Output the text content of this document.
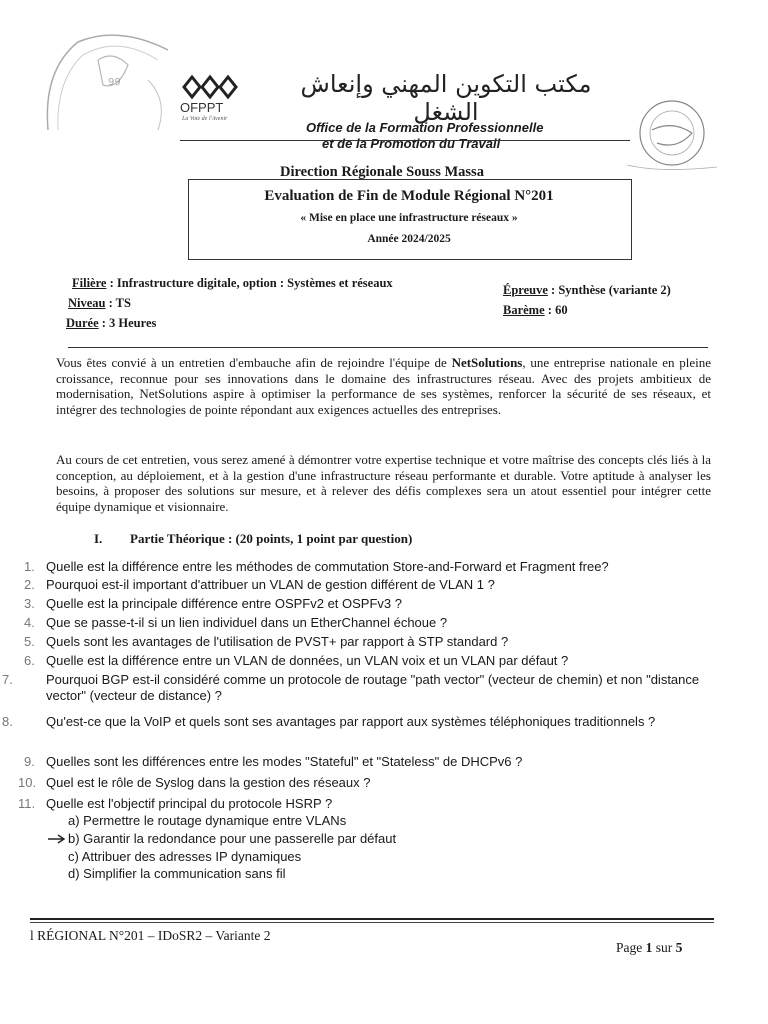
99
OFPPT
La Voie de l'Avenir
مكتب التكوين المهني وإنعاش الشغل
Office de la Formation Professionnelle
et de la Promotion du Travail
Direction Régionale Souss Massa
Evaluation de Fin de Module Régional N°201
« Mise en place une infrastructure réseaux »
Année 2024/2025
Filière : Infrastructure digitale, option : Systèmes et réseaux
Niveau : TS
Durée : 3 Heures
Épreuve : Synthèse (variante 2)
Barème : 60
Vous êtes convié à un entretien d'embauche afin de rejoindre l'équipe de NetSolutions, une entreprise nationale en pleine croissance, reconnue pour ses innovations dans le domaine des infrastructures réseau. Avec des projets ambitieux de modernisation, NetSolutions aspire à optimiser la performance de ses systèmes, renforcer la sécurité de ses réseaux, et intégrer des technologies de pointe répondant aux exigences actuelles des entreprises.
Au cours de cet entretien, vous serez amené à démontrer votre expertise technique et votre maîtrise des concepts clés liés à la conception, au déploiement, et à la gestion d'une infrastructure réseau performante et durable. Votre aptitude à analyser les besoins, à proposer des solutions sur mesure, et à relever des défis complexes sera un atout essentiel pour intégrer cette équipe dynamique et visionnaire.
I. Partie Théorique : (20 points, 1 point par question)
1. Quelle est la différence entre les méthodes de commutation Store-and-Forward et Fragment free?
2. Pourquoi est-il important d'attribuer un VLAN de gestion différent de VLAN 1 ?
3. Quelle est la principale différence entre OSPFv2 et OSPFv3 ?
4. Que se passe-t-il si un lien individuel dans un EtherChannel échoue ?
5. Quels sont les avantages de l'utilisation de PVST+ par rapport à STP standard ?
6. Quelle est la différence entre un VLAN de données, un VLAN voix et un VLAN par défaut ?
7.	Pourquoi BGP est-il considéré comme un protocole de routage "path vector" (vecteur de chemin) et non "distance vector" (vecteur de distance) ?
8.	Qu'est-ce que la VoIP et quels sont ses avantages par rapport aux systèmes téléphoniques traditionnels ?
9. Quelles sont les différences entre les modes "Stateful" et "Stateless" de DHCPv6 ?
10. Quel est le rôle de Syslog dans la gestion des réseaux ?
11. Quelle est l'objectif principal du protocole HSRP ?
a) Permettre le routage dynamique entre VLANs
b) Garantir la redondance pour une passerelle par défaut
c) Attribuer des adresses IP dynamiques
d) Simplifier la communication sans fil
l RÉGIONAL N°201 – IDoSR2 – Variante 2
Page 1 sur 5
